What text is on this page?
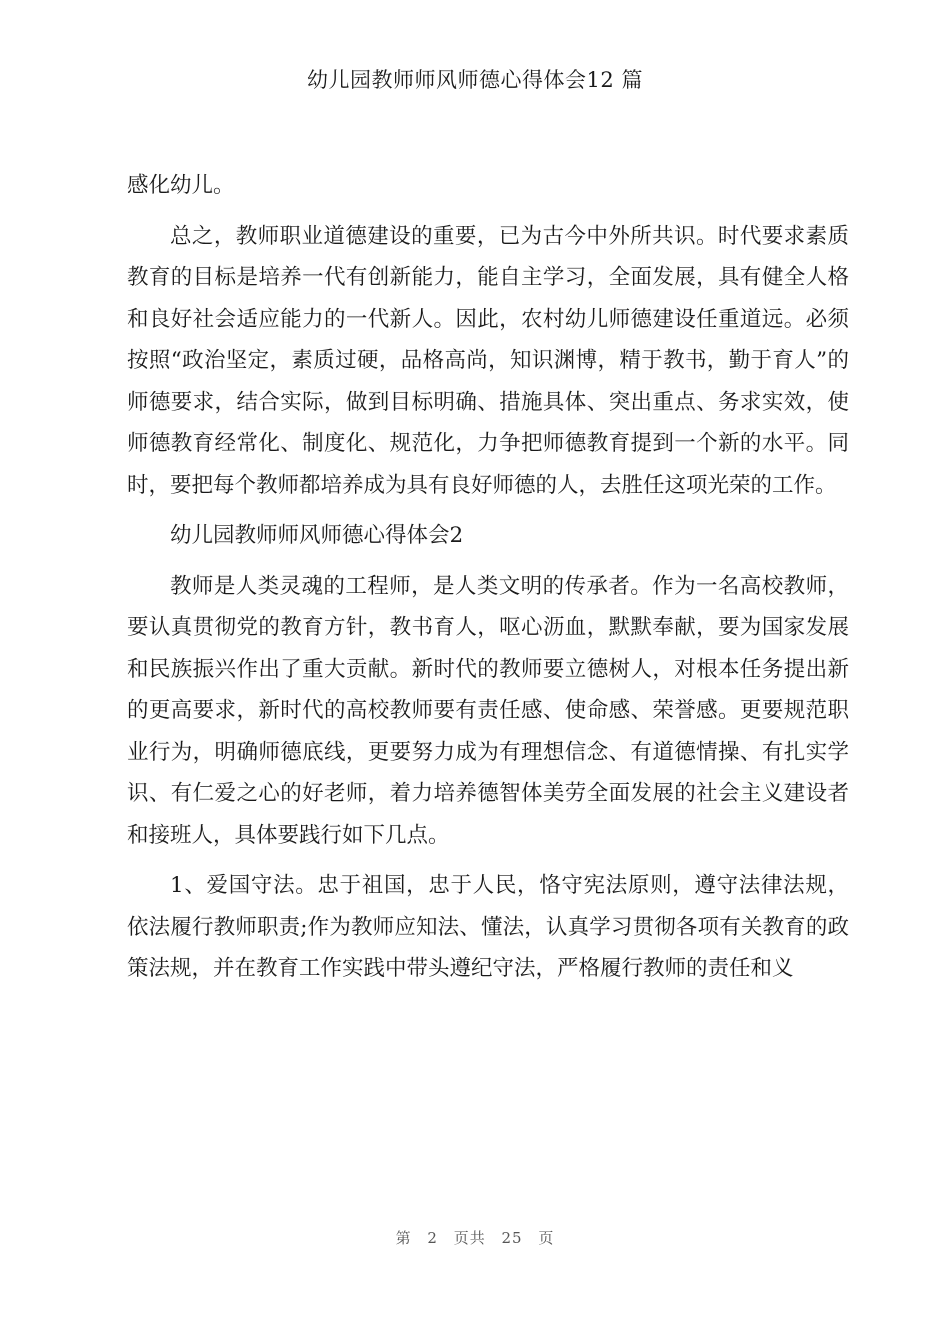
幼儿园教师师风师德心得体会12 篇

感化幼儿。

总之，教师职业道德建设的重要，已为古今中外所共识。时代要求素质教育的目标是培养一代有创新能力，能自主学习，全面发展，具有健全人格和良好社会适应能力的一代新人。因此，农村幼儿师德建设任重道远。必须按照“政治坚定，素质过硬，品格高尚，知识渊博，精于教书，勤于育人”的师德要求，结合实际，做到目标明确、措施具体、突出重点、务求实效，使师德教育经常化、制度化、规范化，力争把师德教育提到一个新的水平。同时，要把每个教师都培养成为具有良好师德的人，去胜任这项光荣的工作。

幼儿园教师师风师德心得体会2

教师是人类灵魂的工程师，是人类文明的传承者。作为一名高校教师，要认真贯彻党的教育方针，教书育人，呕心沥血，默默奉献，要为国家发展和民族振兴作出了重大贡献。新时代的教师要立德树人，对根本任务提出新的更高要求，新时代的高校教师要有责任感、使命感、荣誉感。更要规范职业行为，明确师德底线，更要努力成为有理想信念、有道德情操、有扎实学识、有仁爱之心的好老师，着力培养德智体美劳全面发展的社会主义建设者和接班人，具体要践行如下几点。

1、爱国守法。忠于祖国，忠于人民，恪守宪法原则，遵守法律法规，依法履行教师职责;作为教师应知法、懂法，认真学习贯彻各项有关教育的政策法规，并在教育工作实践中带头遵纪守法，严格履行教师的责任和义

第 2 页共 25 页
